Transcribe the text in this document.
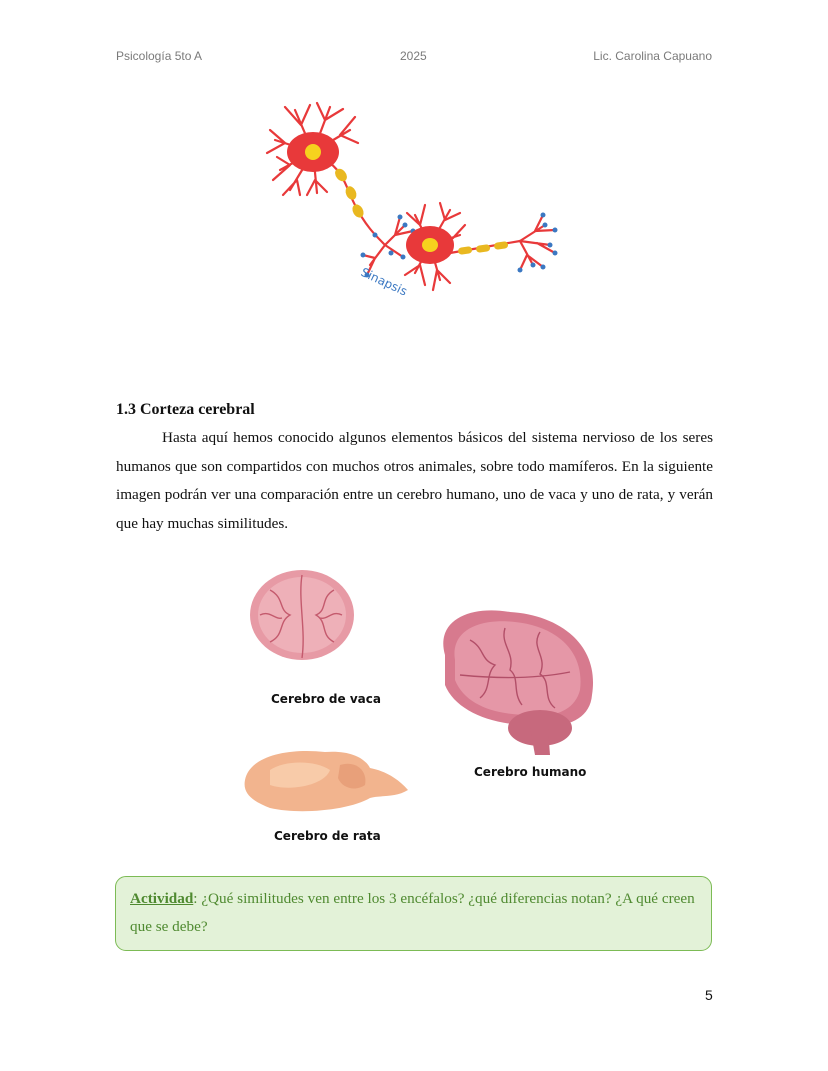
Psicología 5to A	2025	Lic. Carolina Capuano
Sinapsis
1.3 Corteza cerebral

Hasta aquí hemos conocido algunos elementos básicos del sistema nervioso de los seres humanos que son compartidos con muchos otros animales, sobre todo mamíferos. En la siguiente imagen podrán ver una comparación entre un cerebro humano, uno de vaca y uno de rata, y verán que hay muchas similitudes.

Cerebro de vaca
Cerebro humano
Cerebro de rata
Actividad: ¿Qué similitudes ven entre los 3 encéfalos? ¿qué diferencias notan? ¿A qué creen que se debe?
5
